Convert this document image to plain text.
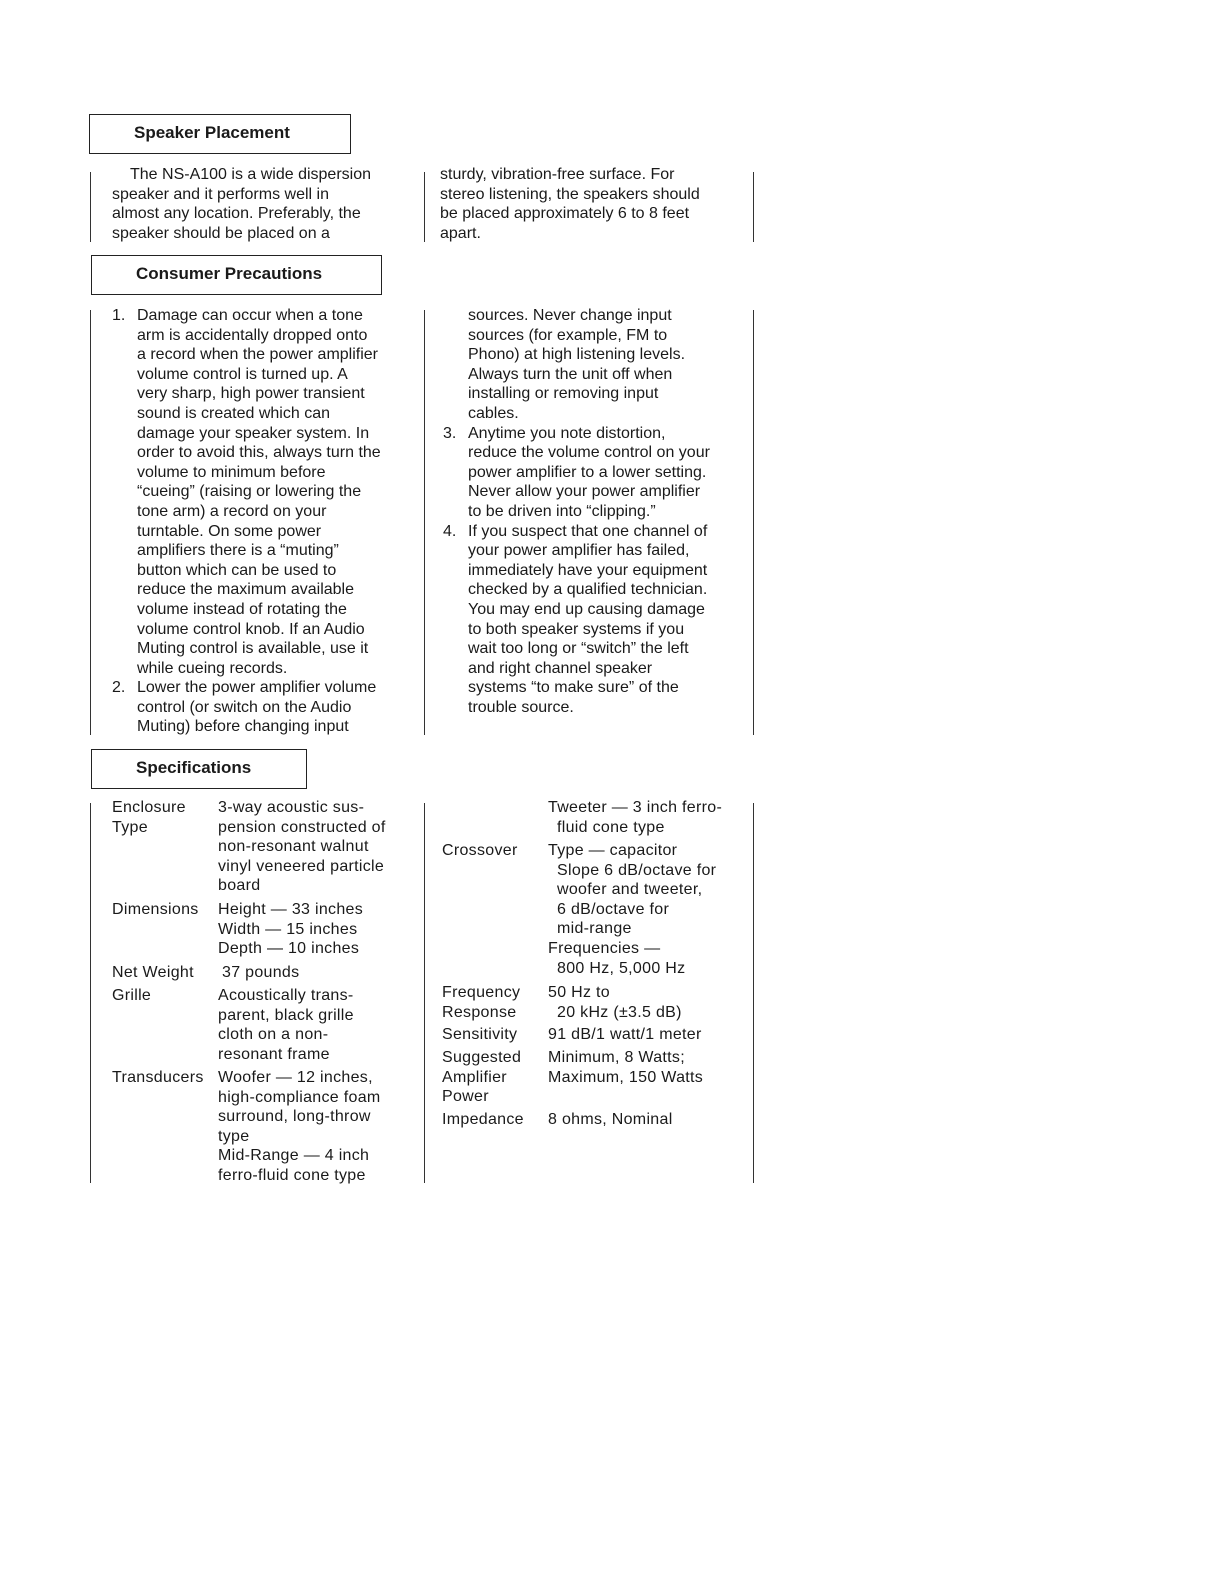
Speaker Placement
The NS-A100 is a wide dispersion
speaker and it performs well in
almost any location. Preferably, the
speaker should be placed on a
sturdy, vibration-free surface. For
stereo listening, the speakers should
be placed approximately 6 to 8 feet
apart.
Consumer Precautions
1. Damage can occur when a tone
arm is accidentally dropped onto
a record when the power amplifier
volume control is turned up. A
very sharp, high power transient
sound is created which can
damage your speaker system. In
order to avoid this, always turn the
volume to minimum before
“cueing” (raising or lowering the
tone arm) a record on your
turntable. On some power
amplifiers there is a “muting”
button which can be used to
reduce the maximum available
volume instead of rotating the
volume control knob. If an Audio
Muting control is available, use it
while cueing records.
2. Lower the power amplifier volume
control (or switch on the Audio
Muting) before changing input
sources. Never change input
sources (for example, FM to
Phono) at high listening levels.
Always turn the unit off when
installing or removing input
cables.
3. Anytime you note distortion,
reduce the volume control on your
power amplifier to a lower setting.
Never allow your power amplifier
to be driven into “clipping.”
4. If you suspect that one channel of
your power amplifier has failed,
immediately have your equipment
checked by a qualified technician.
You may end up causing damage
to both speaker systems if you
wait too long or “switch” the left
and right channel speaker
systems “to make sure” of the
trouble source.
Specifications
Enclosure
Type
3-way acoustic sus-
pension constructed of
non-resonant walnut
vinyl veneered particle
board
Dimensions Height — 33 inches
Width — 15 inches
Depth — 10 inches
Net Weight 37 pounds
Grille	Acoustically trans-
parent, black grille
cloth on a non-
resonant frame
Transducers Woofer — 12 inches,
high-compliance foam
surround, long-throw
type
Mid-Range — 4 inch
ferro-fluid cone type
Tweeter — 3 inch ferro-
fluid cone type
Crossover Type — capacitor
Slope 6 dB/octave for
woofer and tweeter,
6 dB/octave for
mid-range
Frequencies —
800 Hz, 5,000 Hz
Frequency
Response
50 Hz to
20 kHz (±3.5 dB)
Sensitivity 91 dB/1 watt/1 meter
Suggested
Amplifier
Power
Minimum, 8 Watts;
Maximum, 150 Watts
Impedance 8 ohms, Nominal
